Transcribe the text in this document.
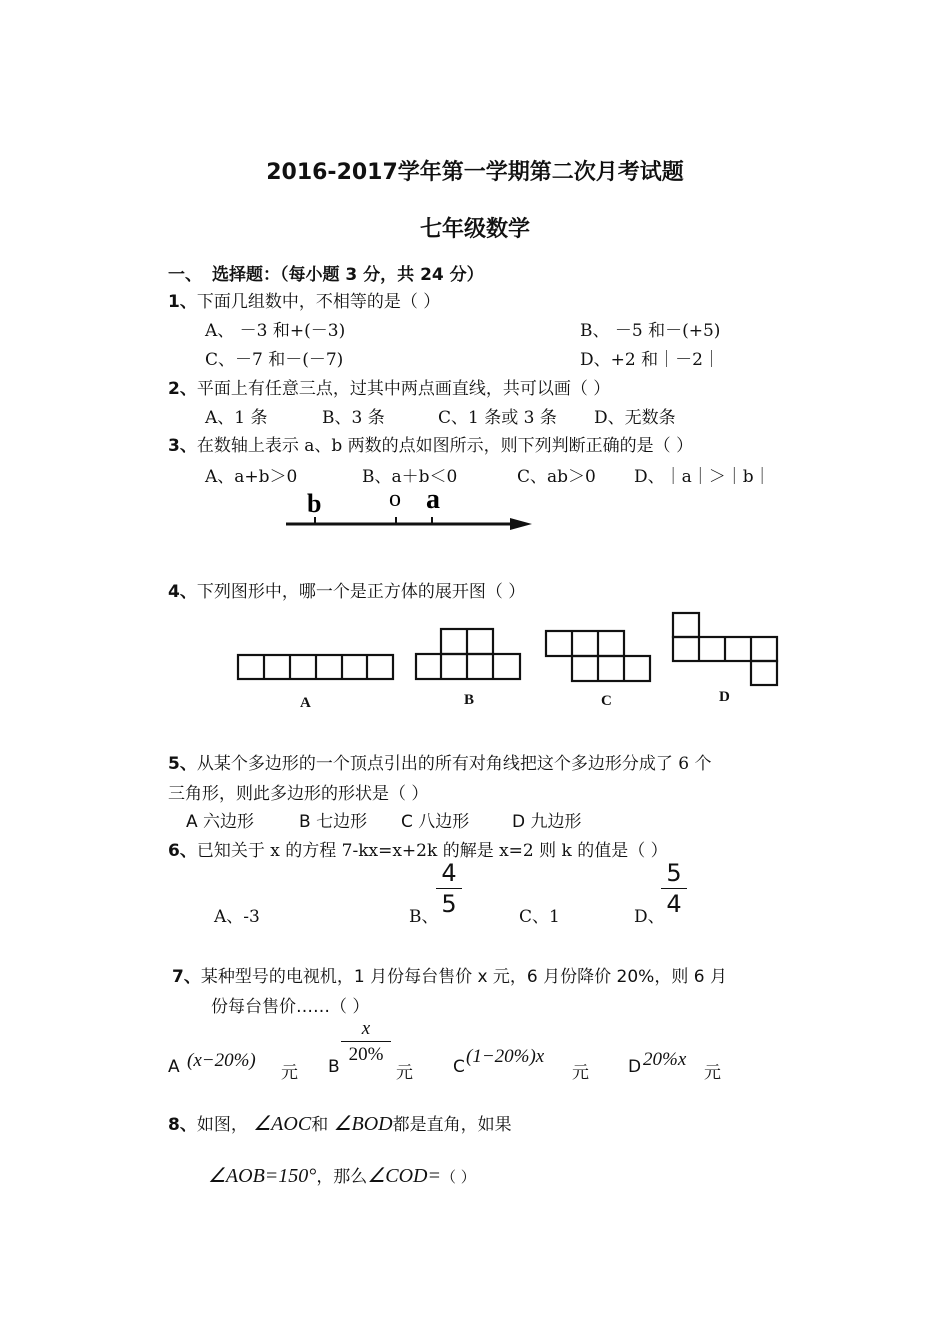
2016-2017学年第一学期第二次月考试题
七年级数学
一、 选择题：（每小题 3 分，共 24 分）
1、下面几组数中，不相等的是（ ）
A、 －3 和+(－3)	B、 －5 和－(+5)
C、－7 和－(－7)	D、+2 和｜－2｜
2、平面上有任意三点，过其中两点画直线，共可以画（ ）
A、1 条	B、3 条	C、1 条或 3 条 D、无数条
3、在数轴上表示 a、b 两数的点如图所示，则下列判断正确的是（ ）
A、a+b＞0	B、a＋b＜0	C、ab＞0 D、｜a｜＞｜b｜
b	o a
4、下列图形中，哪一个是正方体的展开图（ ）
A	B	C	D
5、从某个多边形的一个顶点引出的所有对角线把这个多边形分成了 6 个
三角形，则此多边形的形状是（ ）
A 六边形	B 七边形 C 八边形	D 九边形
6、已知关于 x 的方程 7-kx=x+2k 的解是 x=2 则 k 的值是（ ）
A、-3	B、
4
5	C、1	D、
5
4
7、某种型号的电视机，1 月份每台售价 x 元，6 月份降价 20%，则 6 月
份每台售价……（ ）
A (x−20%)
元 B
x
20%
元 C (1−20%)x
元 D 20%x
元
8、如图， ∠AOC和 ∠BOD都是直角，如果
∠AOB=150°，那么∠COD=（ ）
